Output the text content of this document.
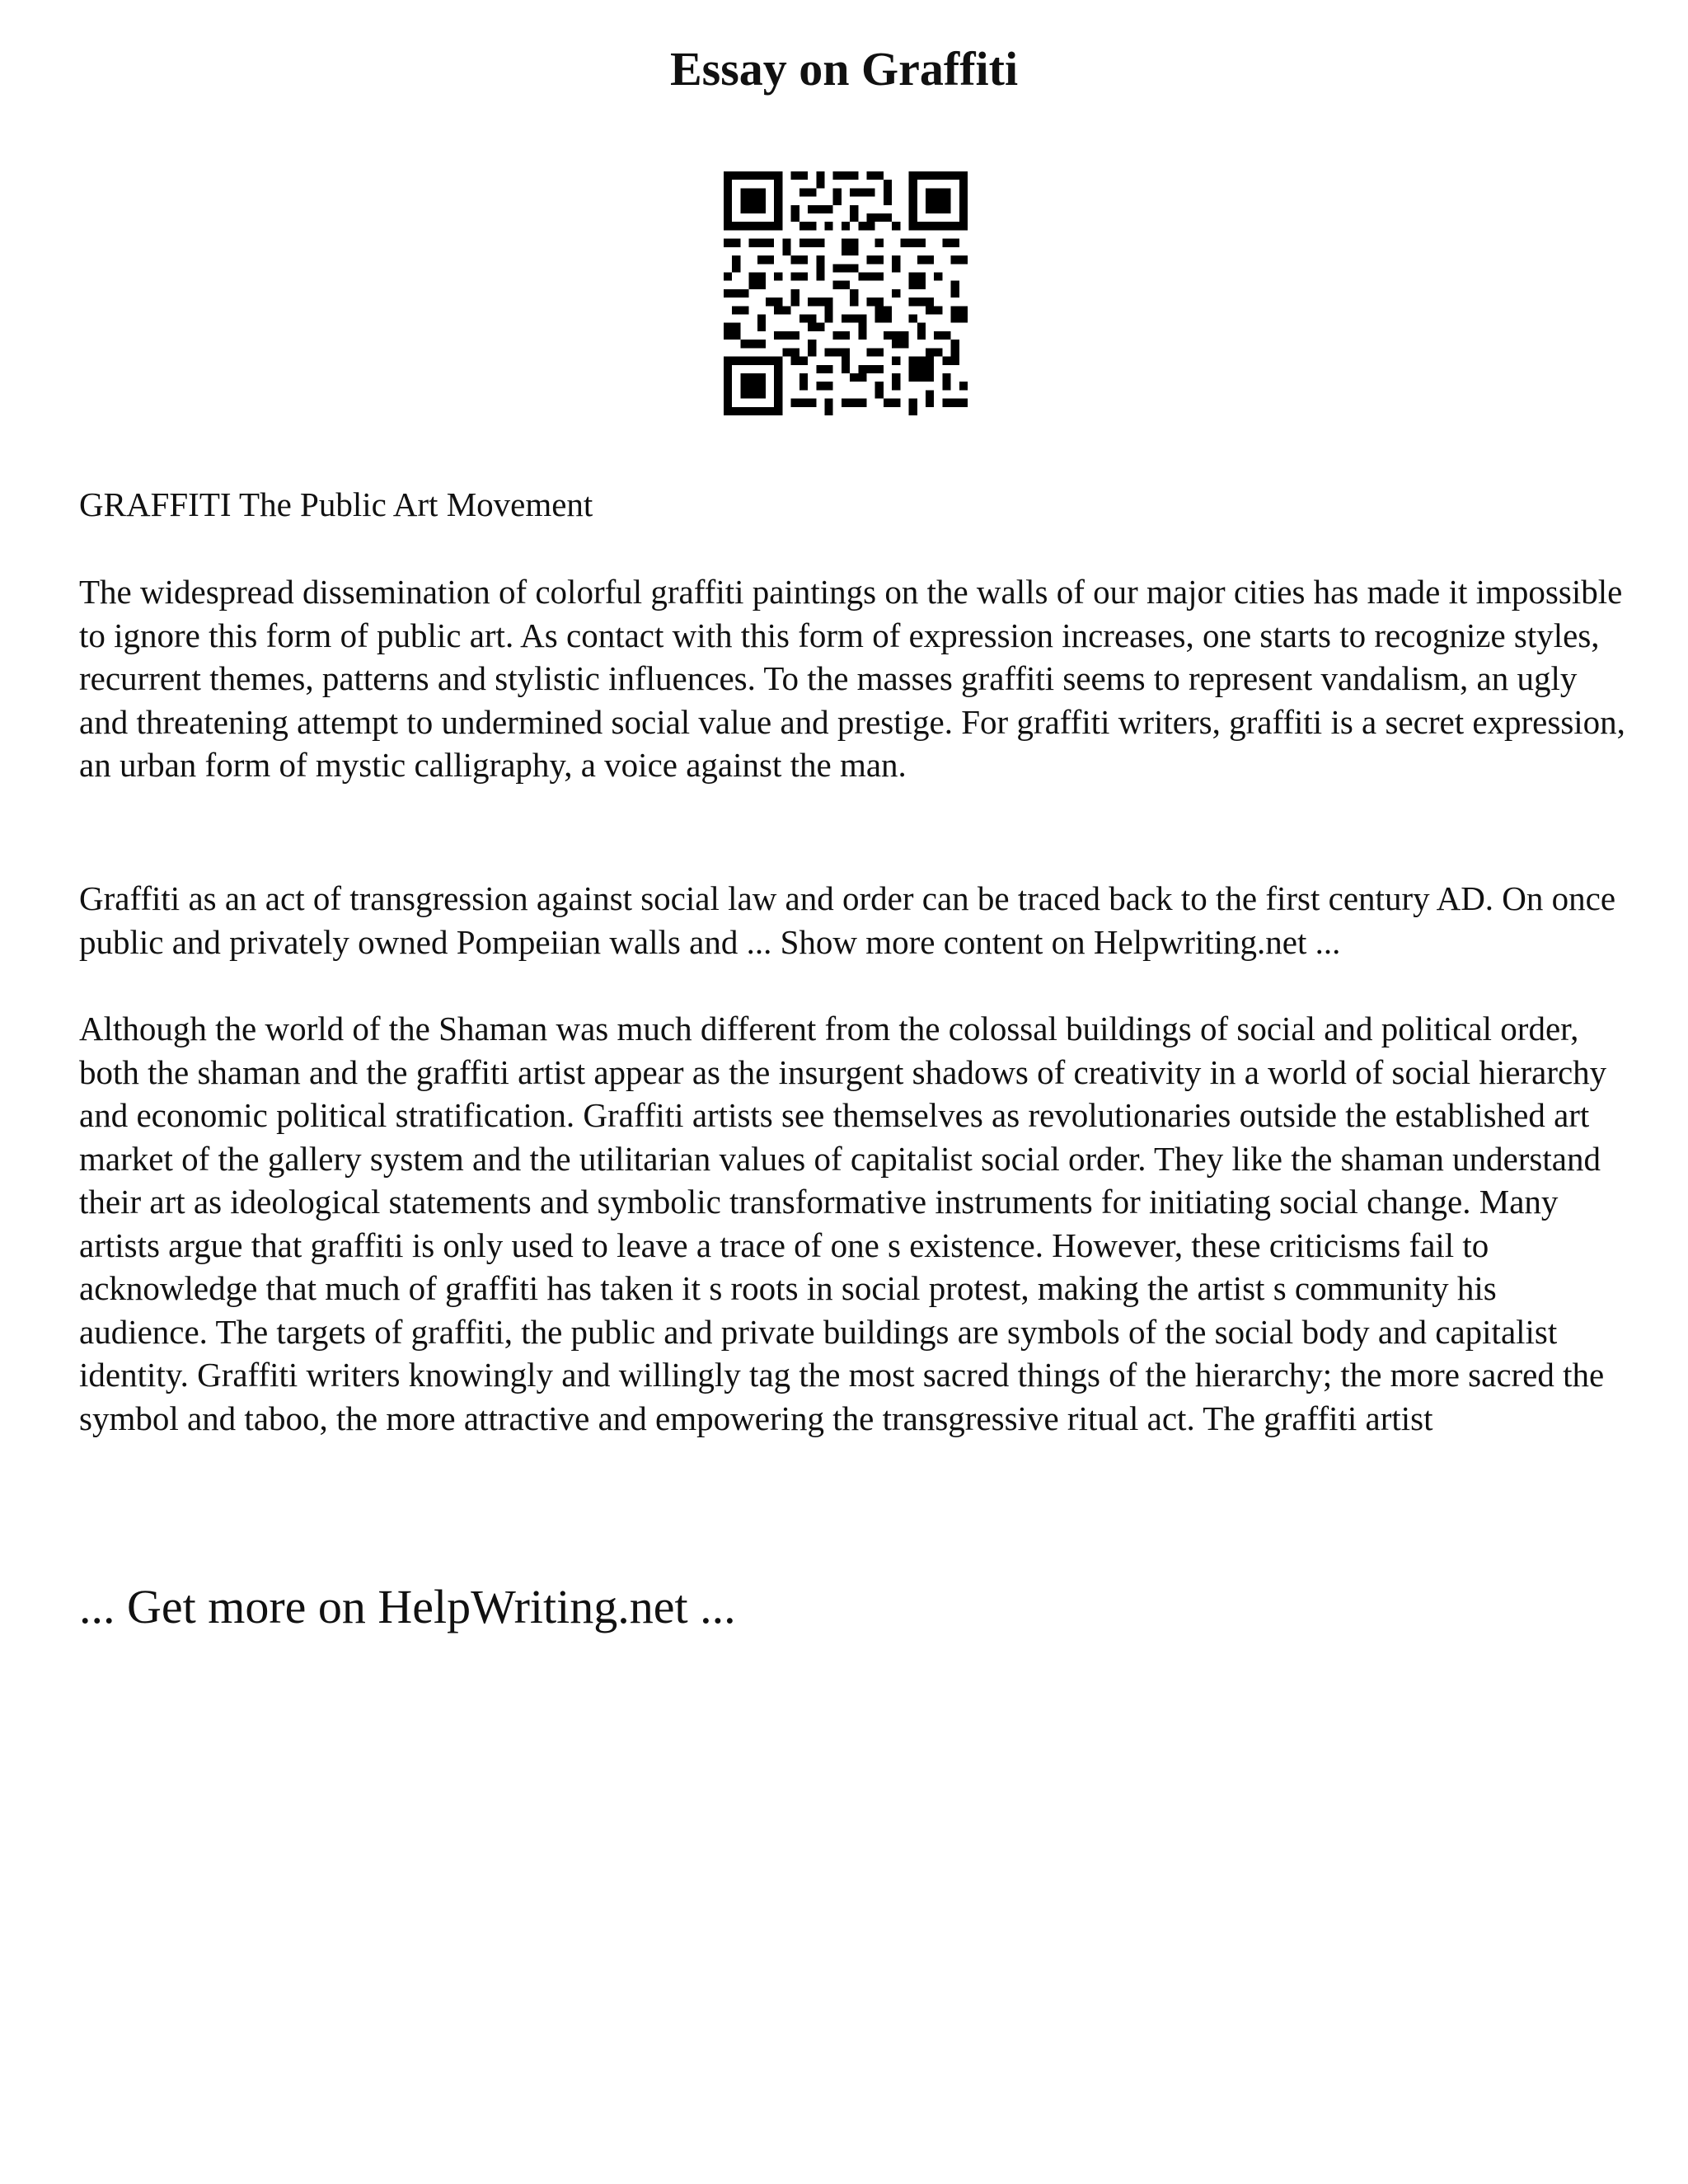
Essay on Graffiti

GRAFFITI The Public Art Movement

The widespread dissemination of colorful graffiti paintings on the walls of our major cities has made it impossible to ignore this form of public art. As contact with this form of expression increases, one starts to recognize styles, recurrent themes, patterns and stylistic influences. To the masses graffiti seems to represent vandalism, an ugly and threatening attempt to undermined social value and prestige. For graffiti writers, graffiti is a secret expression, an urban form of mystic calligraphy, a voice against the man.

Graffiti as an act of transgression against social law and order can be traced back to the first century AD. On once public and privately owned Pompeiian walls and ... Show more content on Helpwriting.net ...

Although the world of the Shaman was much different from the colossal buildings of social and political order, both the shaman and the graffiti artist appear as the insurgent shadows of creativity in a world of social hierarchy and economic political stratification. Graffiti artists see themselves as revolutionaries outside the established art market of the gallery system and the utilitarian values of capitalist social order. They like the shaman understand their art as ideological statements and symbolic transformative instruments for initiating social change. Many artists argue that graffiti is only used to leave a trace of one s existence. However, these criticisms fail to acknowledge that much of graffiti has taken it s roots in social protest, making the artist s community his audience. The targets of graffiti, the public and private buildings are symbols of the social body and capitalist identity. Graffiti writers knowingly and willingly tag the most sacred things of the hierarchy; the more sacred the symbol and taboo, the more attractive and empowering the transgressive ritual act. The graffiti artist

... Get more on HelpWriting.net ...
